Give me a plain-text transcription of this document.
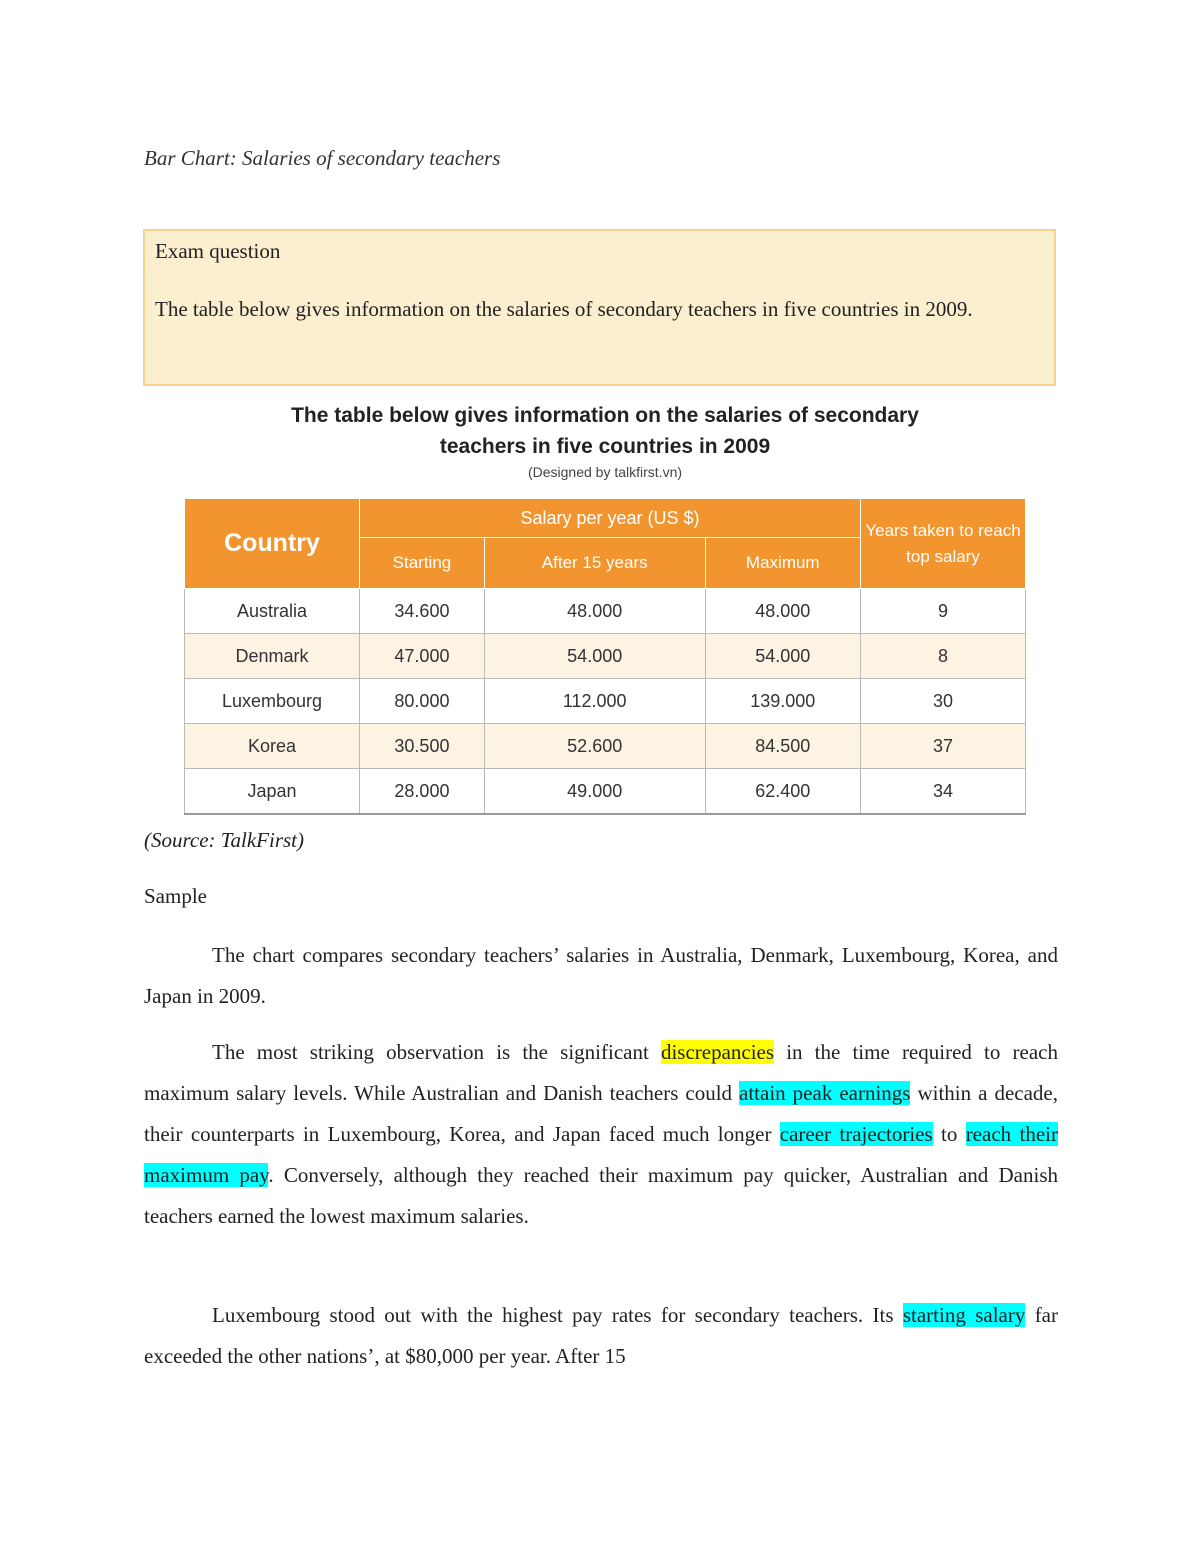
Bar Chart: Salaries of secondary teachers

Exam question

The table below gives information on the salaries of secondary teachers in five countries in 2009.

The table below gives information on the salaries of secondary
teachers in five countries in 2009
(Designed by talkfirst.vn)
Country	Salary per year (US $)			Years taken to reach top salary
	Starting	After 15 years	Maximum	
Australia	34.600	48.000	48.000	9
Denmark	47.000	54.000	54.000	8
Luxembourg	80.000	112.000	139.000	30
Korea	30.500	52.600	84.500	37
Japan	28.000	49.000	62.400	34
(Source: TalkFirst)
Sample

The chart compares secondary teachers’ salaries in Australia, Denmark, Luxembourg, Korea, and Japan in 2009.

The most striking observation is the significant discrepancies in the time required to reach maximum salary levels. While Australian and Danish teachers could attain peak earnings within a decade, their counterparts in Luxembourg, Korea, and Japan faced much longer career trajectories to reach their maximum pay. Conversely, although they reached their maximum pay quicker, Australian and Danish teachers earned the lowest maximum salaries.

Luxembourg stood out with the highest pay rates for secondary teachers. Its starting salary far exceeded the other nations’, at $80,000 per year. After 15
